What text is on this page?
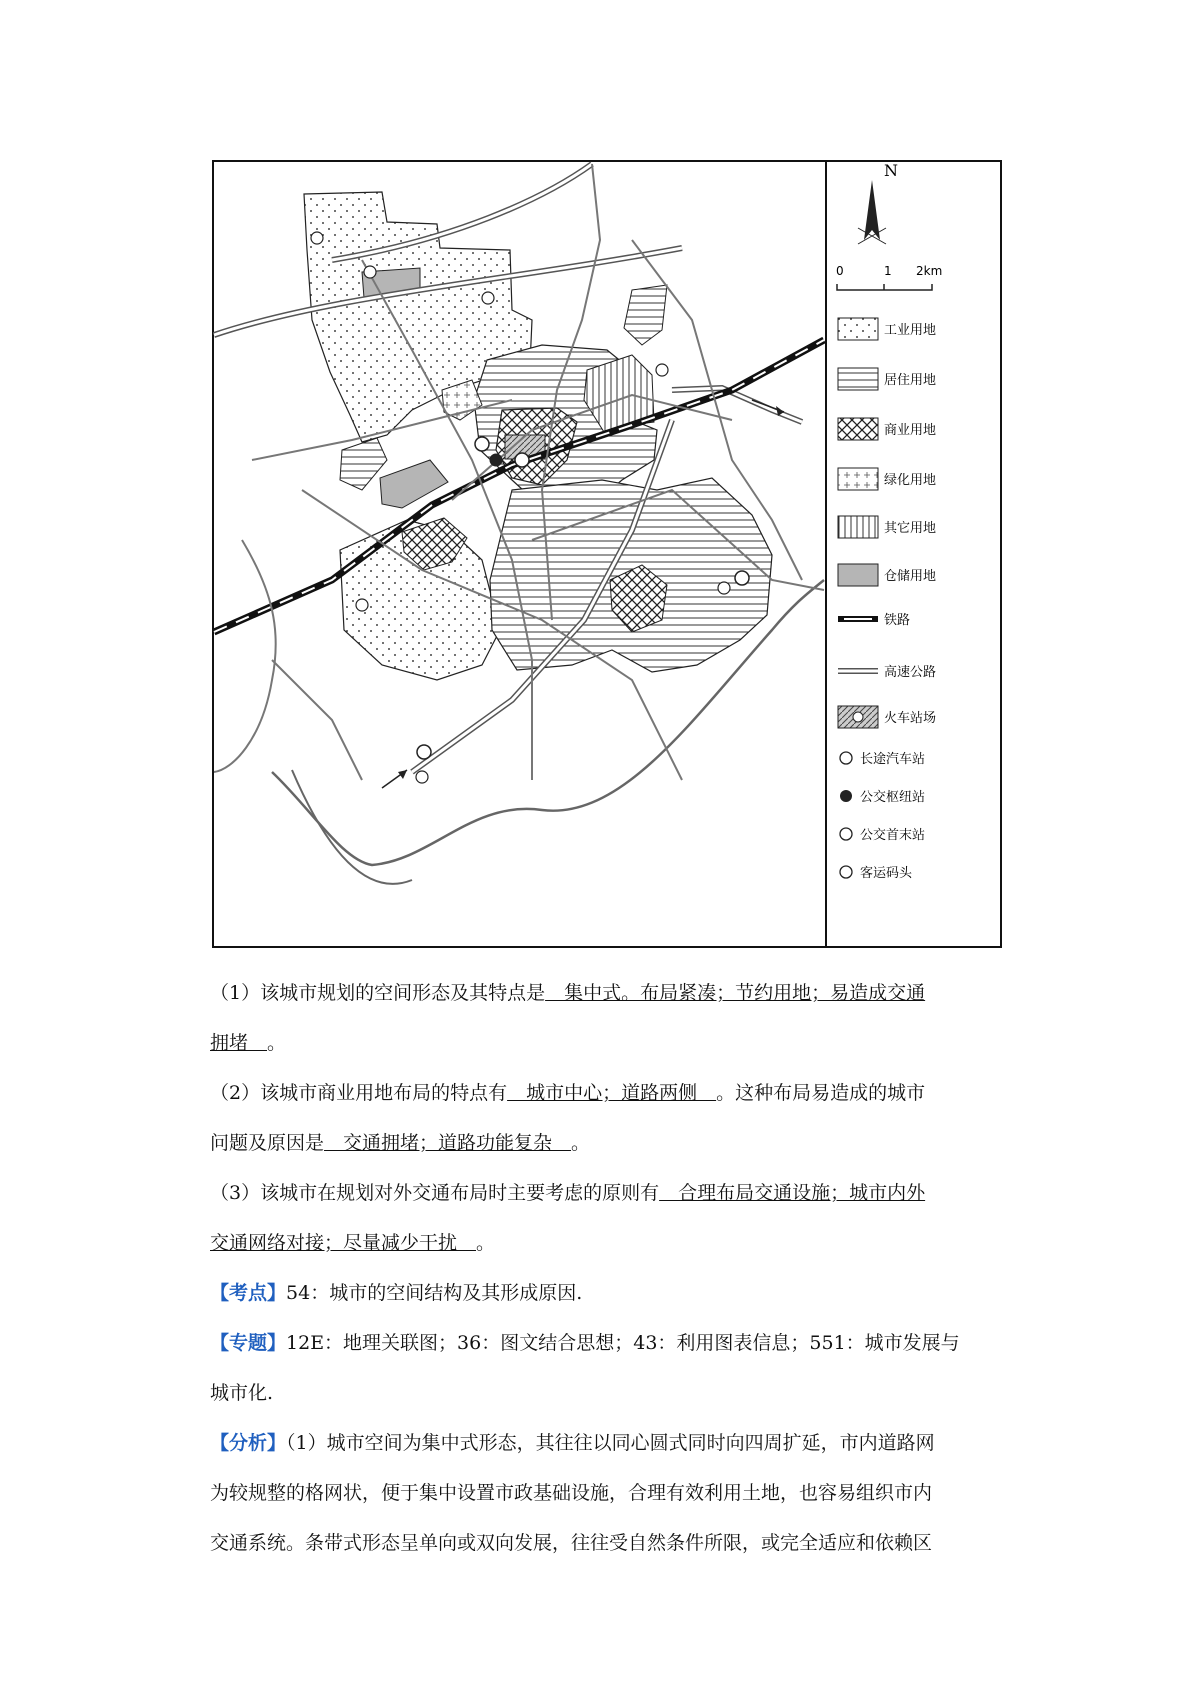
N
0	1 2km
工业用地
居住用地
商业用地
绿化用地
其它用地
仓储用地
铁路
高速公路
火车站场
长途汽车站
公交枢纽站
公交首末站
客运码头

（1）该城市规划的空间形态及其特点是　集中式。布局紧凑；节约用地；易造成交通

拥堵　。

（2）该城市商业用地布局的特点有　城市中心；道路两侧　。这种布局易造成的城市

问题及原因是　交通拥堵；道路功能复杂　。

（3）该城市在规划对外交通布局时主要考虑的原则有　合理布局交通设施；城市内外

交通网络对接；尽量减少干扰　。

【考点】54：城市的空间结构及其形成原因.

【专题】12E：地理关联图；36：图文结合思想；43：利用图表信息；551：城市发展与

城市化.

【分析】（1）城市空间为集中式形态，其往往以同心圆式同时向四周扩延，市内道路网

为较规整的格网状，便于集中设置市政基础设施，合理有效利用土地，也容易组织市内

交通系统。条带式形态呈单向或双向发展，往往受自然条件所限，或完全适应和依赖区
